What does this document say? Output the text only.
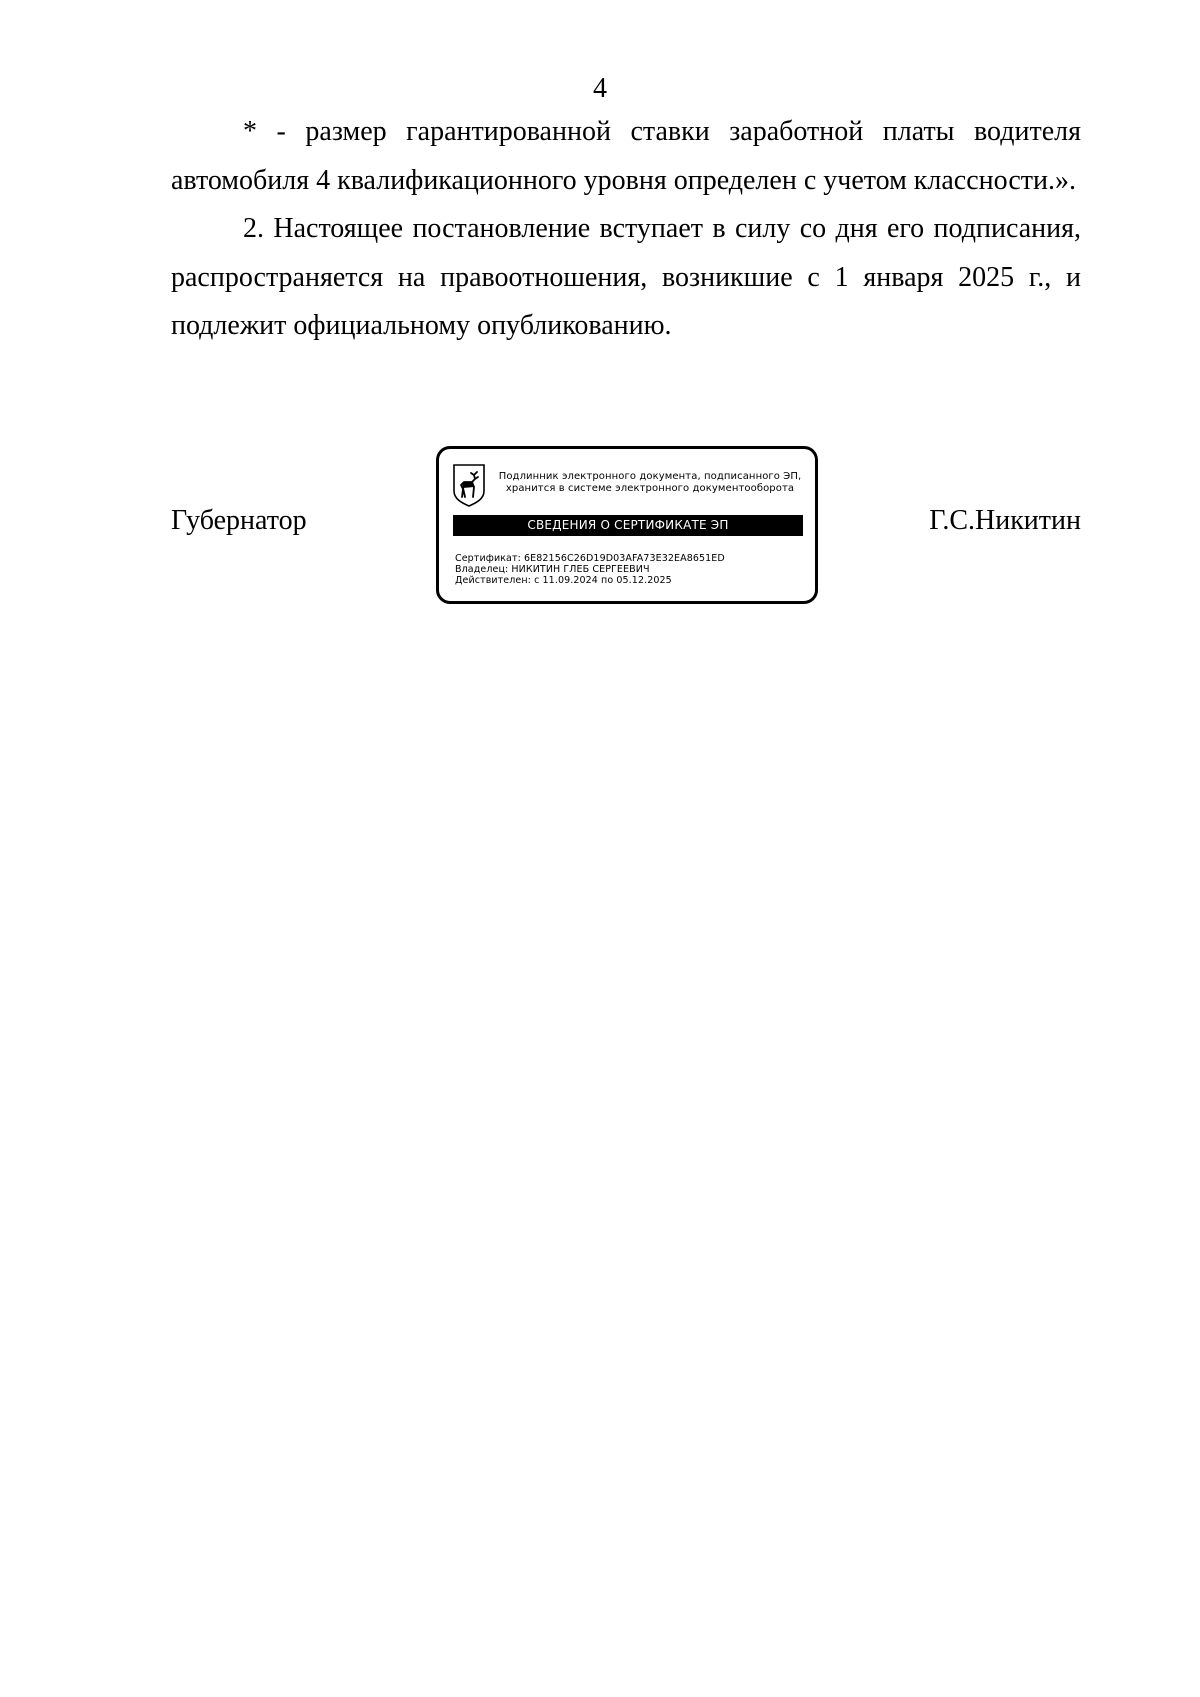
4

* - размер гарантированной ставки заработной платы водителя автомобиля 4 квалификационного уровня определен с учетом классности.».

2. Настоящее постановление вступает в силу со дня его подписания, распространяется на правоотношения, возникшие с 1 января 2025 г., и подлежит официальному опубликованию.

Губернатор
Подлинник электронного документа, подписанного ЭП,
хранится в системе электронного документооборота
СВЕДЕНИЯ О СЕРТИФИКАТЕ ЭП
Сертификат: 6E82156C26D19D03AFA73E32EA8651ED
Владелец: НИКИТИН ГЛЕБ СЕРГЕЕВИЧ
Действителен: с 11.09.2024 по 05.12.2025
Г.С.Никитин
